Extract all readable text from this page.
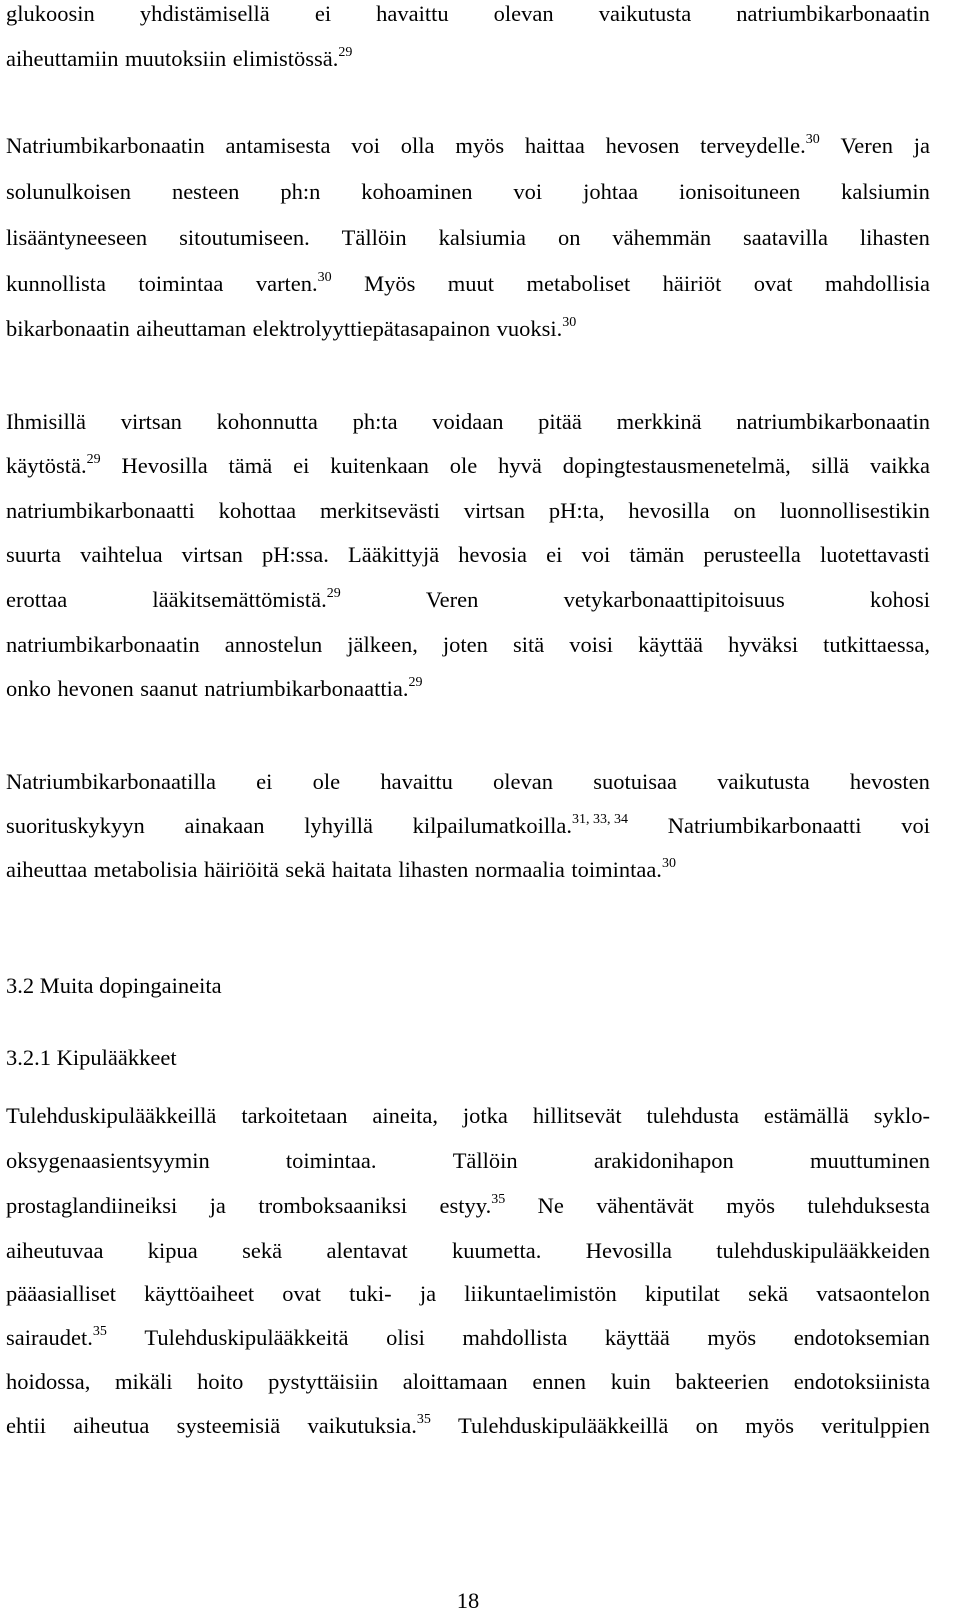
glukoosin yhdistämisellä ei havaittu olevan vaikutusta natriumbikarbonaatin
aiheuttamiin muutoksiin elimistössä.$^{29}$
Natriumbikarbonaatin antamisesta voi olla myös haittaa hevosen terveydelle.$^{30}$ Veren ja
solunulkoisen nesteen ph:n kohoaminen voi johtaa ionisoituneen kalsiumin
lisääntyneeseen sitoutumiseen. Tällöin kalsiumia on vähemmän saatavilla lihasten
kunnollista toimintaa varten.$^{30}$ Myös muut metaboliset häiriöt ovat mahdollisia
bikarbonaatin aiheuttaman elektrolyyttiepätasapainon vuoksi.$^{30}$
Ihmisillä virtsan kohonnutta ph:ta voidaan pitää merkkinä natriumbikarbonaatin
käytöstä.$^{29}$ Hevosilla tämä ei kuitenkaan ole hyvä dopingtestausmenetelmä, sillä vaikka
natriumbikarbonaatti kohottaa merkitsevästi virtsan pH:ta, hevosilla on luonnollisestikin
suurta vaihtelua virtsan pH:ssa. Lääkittyjä hevosia ei voi tämän perusteella luotettavasti
erottaa	lääkitsemättömistä.$^{29}$	Veren	vetykarbonaattipitoisuus	kohosi
natriumbikarbonaatin annostelun jälkeen, joten sitä voisi käyttää hyväksi tutkittaessa,
onko hevonen saanut natriumbikarbonaattia.$^{29}$
Natriumbikarbonaatilla ei ole havaittu olevan suotuisaa vaikutusta hevosten
suorituskykyyn ainakaan lyhyillä kilpailumatkoilla.$^{31, 33, 34}$ Natriumbikarbonaatti voi
aiheuttaa metabolisia häiriöitä sekä haitata lihasten normaalia toimintaa.$^{30}$
3.2 Muita dopingaineita
3.2.1 Kipulääkkeet
Tulehduskipulääkkeillä tarkoitetaan aineita, jotka hillitsevät tulehdusta estämällä syklo-
oksygenaasientsyymin	toimintaa.	Tällöin	arakidonihapon	muuttuminen
prostaglandiineiksi ja tromboksaaniksi estyy.$^{35}$ Ne vähentävät myös tulehduksesta
aiheutuvaa kipua sekä alentavat kuumetta. Hevosilla tulehduskipulääkkeiden
pääasialliset käyttöaiheet ovat tuki- ja liikuntaelimistön kiputilat sekä vatsaontelon
sairaudet.$^{35}$ Tulehduskipulääkkeitä olisi mahdollista käyttää myös endotoksemian
hoidossa, mikäli hoito pystyttäisiin aloittamaan ennen kuin bakteerien endotoksiinista
ehtii aiheutua systeemisiä vaikutuksia.$^{35}$ Tulehduskipulääkkeillä on myös veritulppien
18
